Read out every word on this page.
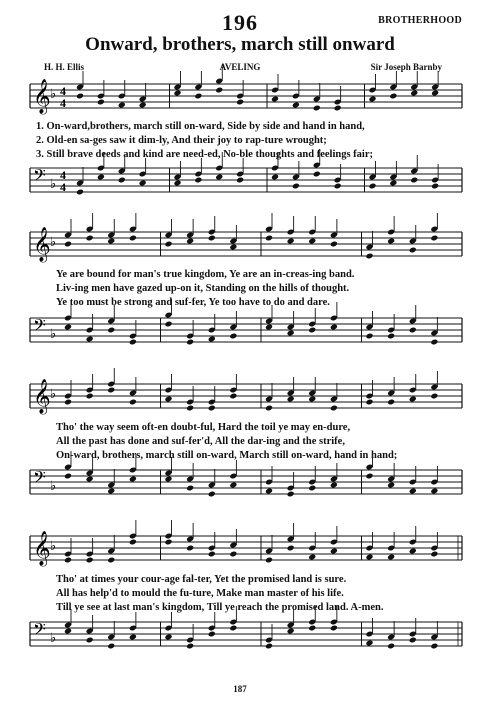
196	BROTHERHOOD
Onward, brothers, march still onward
H. H. Ellis	AVELING	Sir Joseph Barnby
𝄞 ♭ 4
4
1. On-ward,brothers, march still on-ward, Side by side and hand in hand,
2. Old-en sa-ges saw it dim-ly, And their joy to rap-ture wrought;
3. Still brave deeds and kind are need-ed, No-ble thoughts and feelings fair;
𝄢 ♭
4
4
𝄞 ♭
Ye are bound for man's true kingdom, Ye are an in-creas-ing band.
Liv-ing men have gazed up-on it, Standing on the hills of thought.
Ye too must be strong and suf-fer, Ye too have to do and dare.
𝄢 ♭
𝄞 ♭
Tho' the way seem oft-en doubt-ful, Hard the toil ye may en-dure,
All the past has done and suf-fer'd, All the dar-ing and the strife,
On-ward, brothers, march still on-ward, March still on-ward, hand in hand;
𝄢 ♭
𝄞 ♭
Tho' at times your cour-age fal-ter, Yet the promised land is sure.
All has help'd to mould the fu-ture, Make man master of his life.
Till ye see at last man's kingdom, Till ye reach the promised land. A-men.
𝄢 ♭
187
